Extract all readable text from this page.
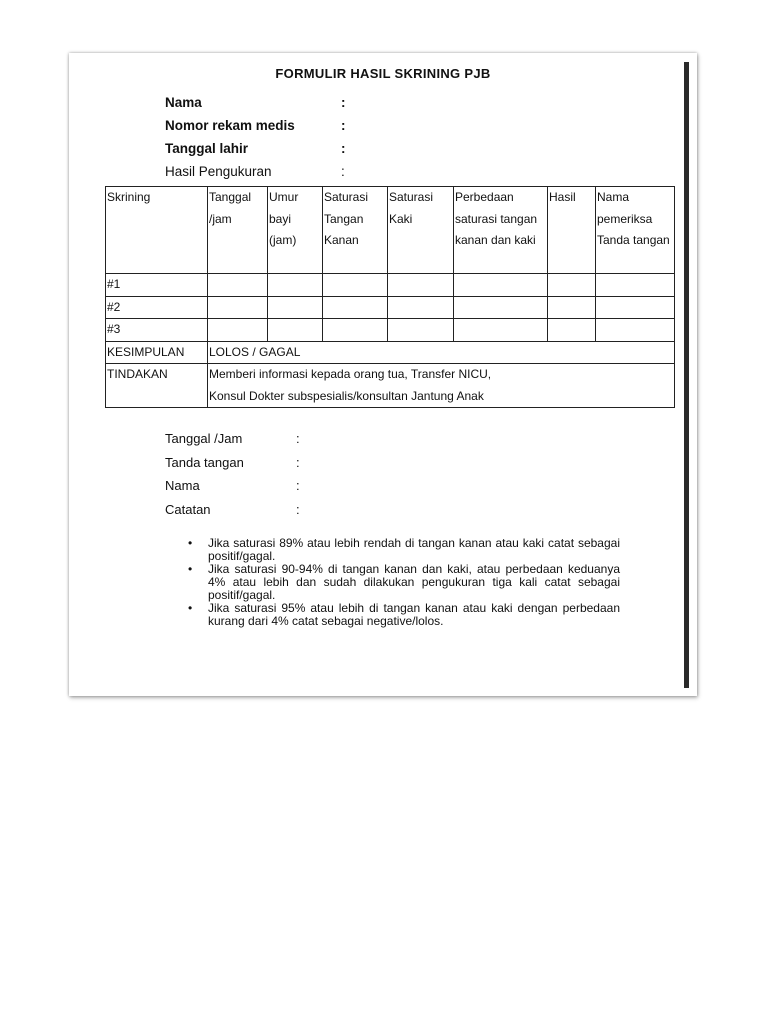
FORMULIR HASIL SKRINING PJB
Nama	:
Nomor rekam medis	:
Tanggal lahir	:
Hasil Pengukuran	:
Skrining	Tanggal /jam	Umur bayi (jam)	Saturasi Tangan Kanan	Saturasi Kaki	Perbedaan saturasi tangan kanan dan kaki	Hasil	Nama pemeriksa Tanda tangan
#1							
#2							
#3							
KESIMPULAN	LOLOS / GAGAL						
TINDAKAN	Memberi informasi kepada orang tua, Transfer NICU,
Konsul Dokter subspesialis/konsultan Jantung Anak						
Tanggal /Jam	:
Tanda tangan	:
Nama	:
Catatan	:
• Jika saturasi 89% atau lebih rendah di tangan kanan atau kaki catat sebagai positif/gagal.
• Jika saturasi 90-94% di tangan kanan dan kaki, atau perbedaan keduanya 4% atau lebih dan sudah dilakukan pengukuran tiga kali catat sebagai positif/gagal.
• Jika saturasi 95% atau lebih di tangan kanan atau kaki dengan perbedaan kurang dari 4% catat sebagai negative/lolos.
